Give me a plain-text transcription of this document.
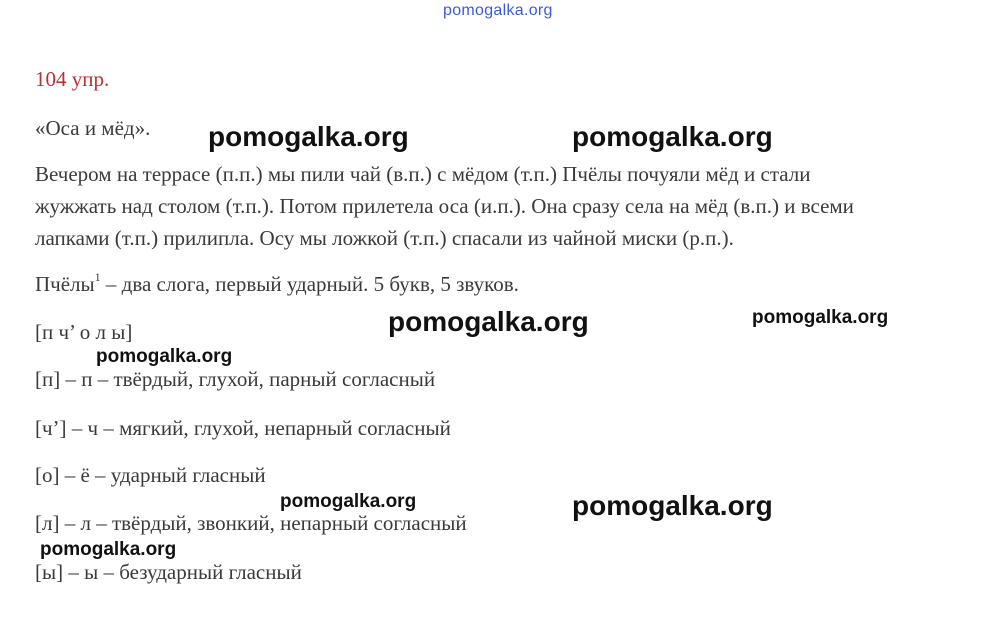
pomogalka.org
104 упр.
«Оса и мёд».
Вечером на террасе (п.п.) мы пили чай (в.п.) с мёдом (т.п.) Пчёлы почуяли мёд и стали
жужжать над столом (т.п.). Потом прилетела оса (и.п.). Она сразу села на мёд (в.п.) и всеми
лапками (т.п.) прилипла. Осу мы ложкой (т.п.) спасали из чайной миски (р.п.).
Пчёлы$^1$ – два слога, первый ударный. 5 букв, 5 звуков.
[п ч’ о л ы]
[п] – п – твёрдый, глухой, парный согласный
[ч’] – ч – мягкий, глухой, непарный согласный
[о] – ё – ударный гласный
[л] – л – твёрдый, звонкий, непарный согласный
[ы] – ы – безударный гласный
pomogalka.org	pomogalka.org
pomogalka.org	pomogalka.org
pomogalka.org
pomogalka.org	pomogalka.org
pomogalka.org
